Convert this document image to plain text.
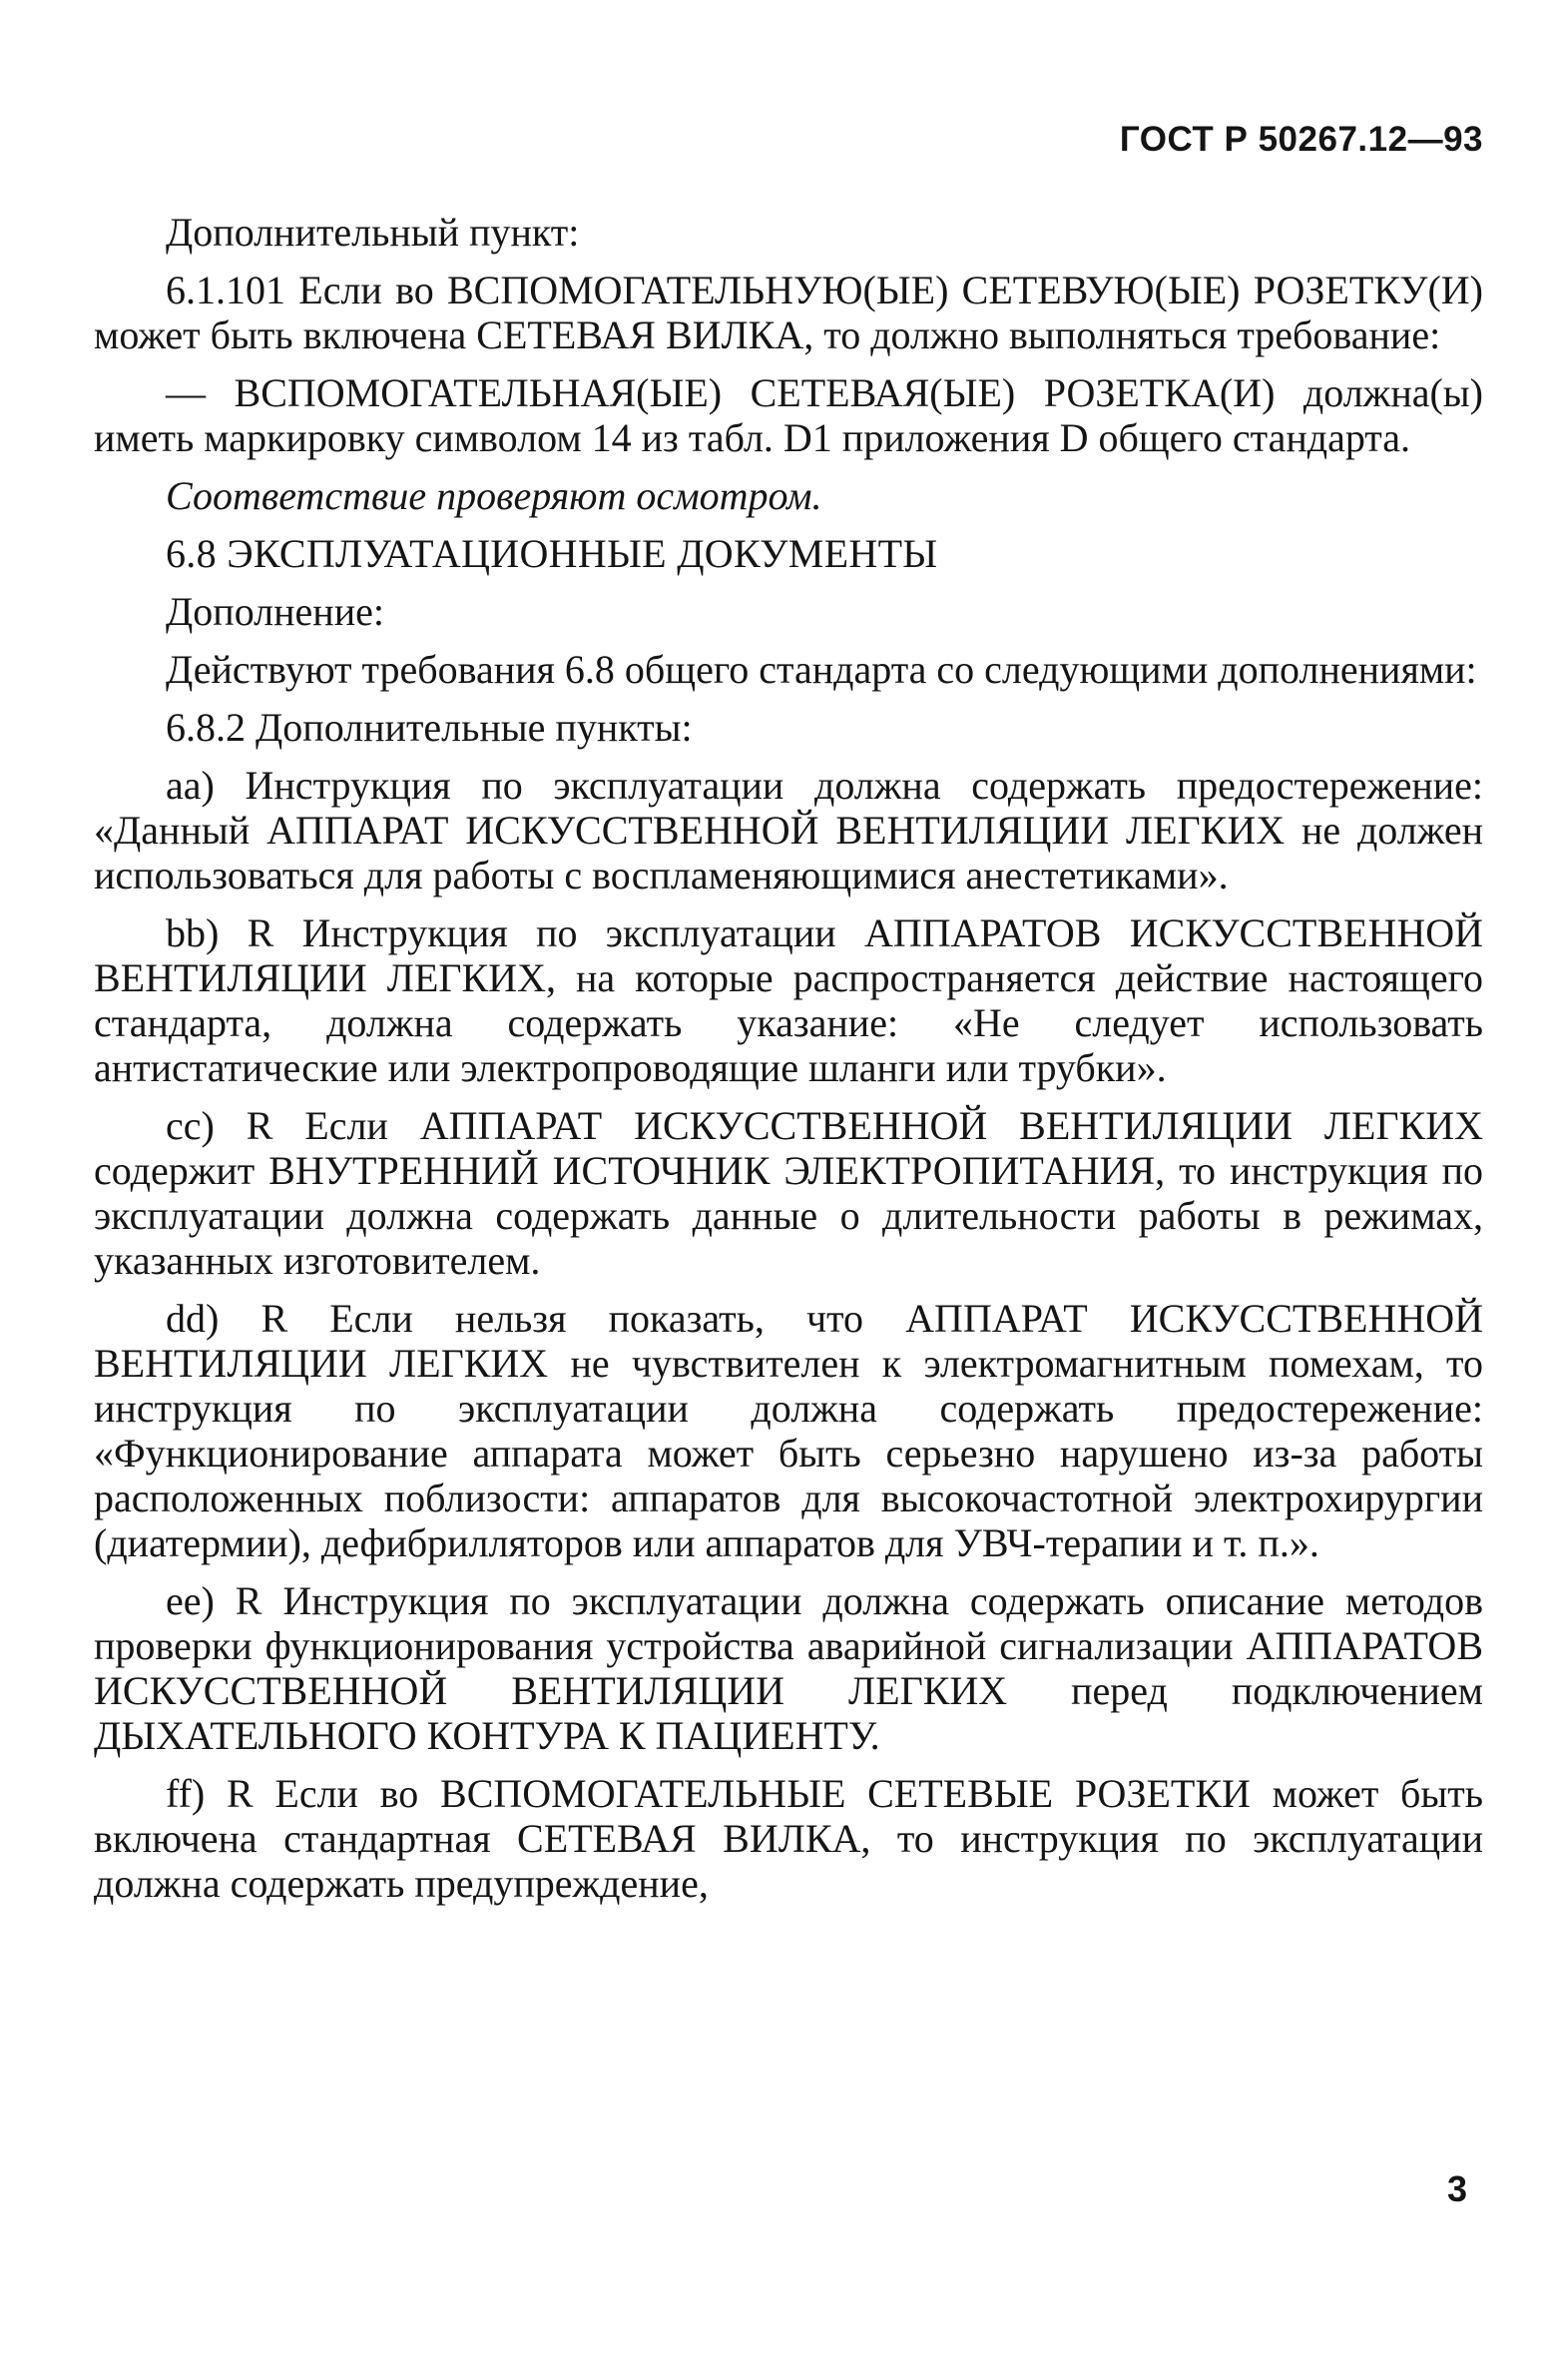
ГОСТ Р 50267.12—93

Дополнительный пункт:

6.1.101 Если во ВСПОМОГАТЕЛЬНУЮ(ЫЕ) СЕТЕВУЮ(ЫЕ) РОЗЕТКУ(И) может быть включена СЕТЕВАЯ ВИЛКА, то должно выполняться требование:

— ВСПОМОГАТЕЛЬНАЯ(ЫЕ) СЕТЕВАЯ(ЫЕ) РОЗЕТКА(И) должна(ы) иметь маркировку символом 14 из табл. D1 приложения D общего стандарта.

Соответствие проверяют осмотром.

6.8 ЭКСПЛУАТАЦИОННЫЕ ДОКУМЕНТЫ

Дополнение:

Действуют требования 6.8 общего стандарта со следующими дополнениями:

6.8.2 Дополнительные пункты:

аа) Инструкция по эксплуатации должна содержать предостережение: «Данный АППАРАТ ИСКУССТВЕННОЙ ВЕНТИЛЯЦИИ ЛЕГКИХ не должен использоваться для работы с воспламеняющимися анестетиками».

bb) R Инструкция по эксплуатации АППАРАТОВ ИСКУССТВЕННОЙ ВЕНТИЛЯЦИИ ЛЕГКИХ, на которые распространяется действие настоящего стандарта, должна содержать указание: «Не следует использовать антистатические или электропроводящие шланги или трубки».

cc) R Если АППАРАТ ИСКУССТВЕННОЙ ВЕНТИЛЯЦИИ ЛЕГКИХ содержит ВНУТРЕННИЙ ИСТОЧНИК ЭЛЕКТРОПИТАНИЯ, то инструкция по эксплуатации должна содержать данные о длительности работы в режимах, указанных изготовителем.

dd) R Если нельзя показать, что АППАРАТ ИСКУССТВЕННОЙ ВЕНТИЛЯЦИИ ЛЕГКИХ не чувствителен к электромагнитным помехам, то инструкция по эксплуатации должна содержать предостережение: «Функционирование аппарата может быть серьезно нарушено из-за работы расположенных поблизости: аппаратов для высокочастотной электрохирургии (диатермии), дефибрилляторов или аппаратов для УВЧ-терапии и т. п.».

ее) R Инструкция по эксплуатации должна содержать описание методов проверки функционирования устройства аварийной сигнализации АППАРАТОВ ИСКУССТВЕННОЙ ВЕНТИЛЯЦИИ ЛЕГКИХ перед подключением ДЫХАТЕЛЬНОГО КОНТУРА К ПАЦИЕНТУ.

ff) R Если во ВСПОМОГАТЕЛЬНЫЕ СЕТЕВЫЕ РОЗЕТКИ может быть включена стандартная СЕТЕВАЯ ВИЛКА, то инструкция по эксплуатации должна содержать предупреждение,

3
